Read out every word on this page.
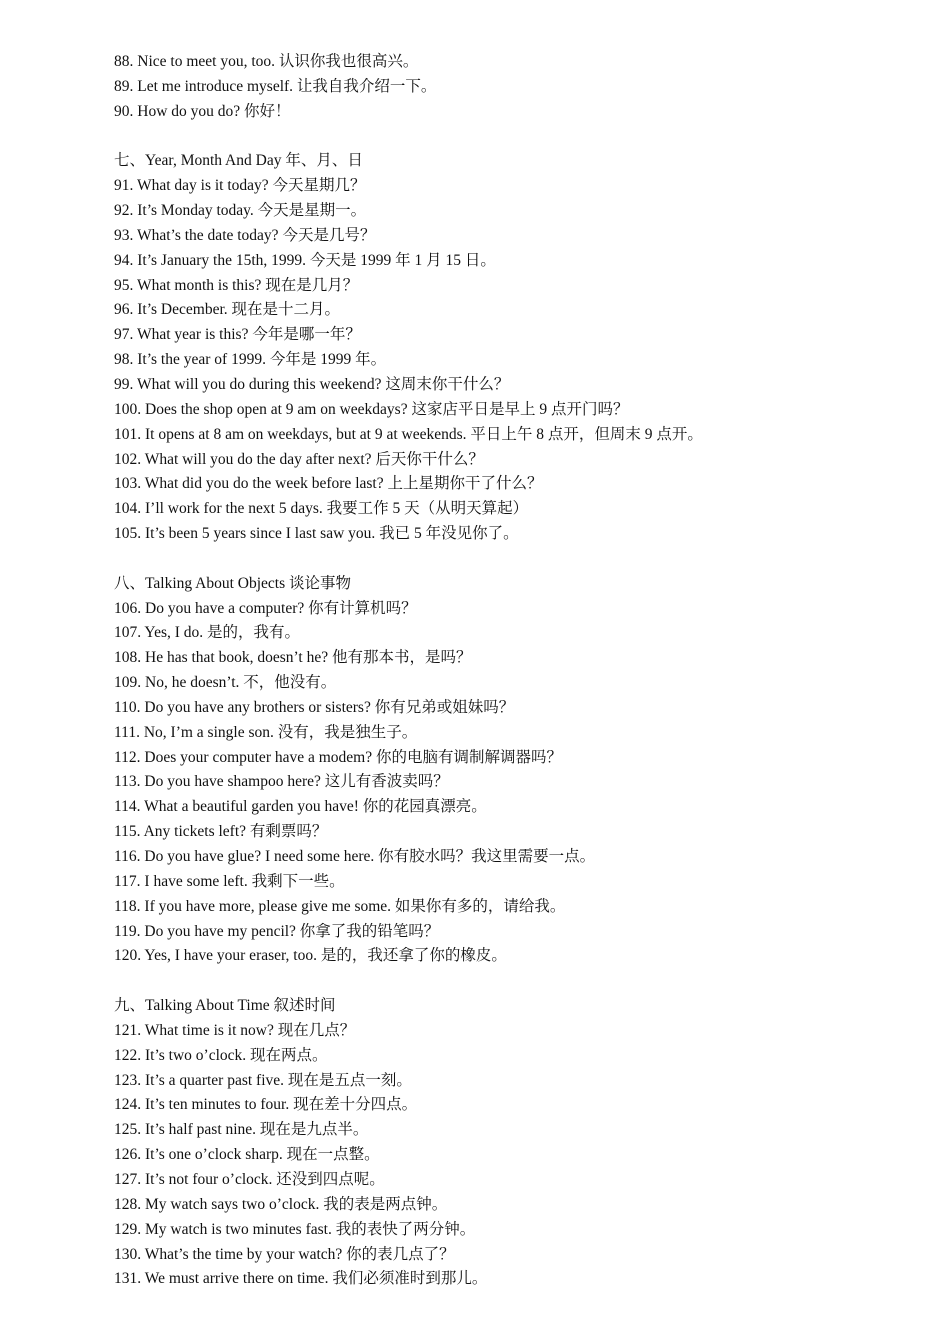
88. Nice to meet you, too. 认识你我也很高兴。
89. Let me introduce myself. 让我自我介绍一下。
90. How do you do? 你好！
七、Year, Month And Day 年、月、日
91. What day is it today? 今天星期几？
92. It’s Monday today. 今天是星期一。
93. What’s the date today? 今天是几号？
94. It’s January the 15th, 1999. 今天是 1999 年 1 月 15 日。
95. What month is this? 现在是几月？
96. It’s December. 现在是十二月。
97. What year is this? 今年是哪一年？
98. It’s the year of 1999. 今年是 1999 年。
99. What will you do during this weekend? 这周末你干什么？
100. Does the shop open at 9 am on weekdays? 这家店平日是早上 9 点开门吗？
101. It opens at 8 am on weekdays, but at 9 at weekends. 平日上午 8 点开，但周末 9 点开。
102. What will you do the day after next? 后天你干什么？
103. What did you do the week before last? 上上星期你干了什么？
104. I’ll work for the next 5 days. 我要工作 5 天（从明天算起）
105. It’s been 5 years since I last saw you. 我已 5 年没见你了。
八、Talking About Objects 谈论事物
106. Do you have a computer? 你有计算机吗？
107. Yes, I do. 是的，我有。
108. He has that book, doesn’t he? 他有那本书，是吗？
109. No, he doesn’t. 不，他没有。
110. Do you have any brothers or sisters? 你有兄弟或姐妹吗？
111. No, I’m a single son. 没有，我是独生子。
112. Does your computer have a modem? 你的电脑有调制解调器吗？
113. Do you have shampoo here? 这儿有香波卖吗？
114. What a beautiful garden you have! 你的花园真漂亮。
115. Any tickets left? 有剩票吗？
116. Do you have glue? I need some here. 你有胶水吗？我这里需要一点。
117. I have some left. 我剩下一些。
118. If you have more, please give me some. 如果你有多的，请给我。
119. Do you have my pencil? 你拿了我的铅笔吗？
120. Yes, I have your eraser, too. 是的，我还拿了你的橡皮。
九、Talking About Time 叙述时间
121. What time is it now? 现在几点？
122. It’s two o’clock. 现在两点。
123. It’s a quarter past five. 现在是五点一刻。
124. It’s ten minutes to four. 现在差十分四点。
125. It’s half past nine. 现在是九点半。
126. It’s one o’clock sharp. 现在一点整。
127. It’s not four o’clock. 还没到四点呢。
128. My watch says two o’clock. 我的表是两点钟。
129. My watch is two minutes fast. 我的表快了两分钟。
130. What’s the time by your watch? 你的表几点了？
131. We must arrive there on time. 我们必须准时到那儿。
